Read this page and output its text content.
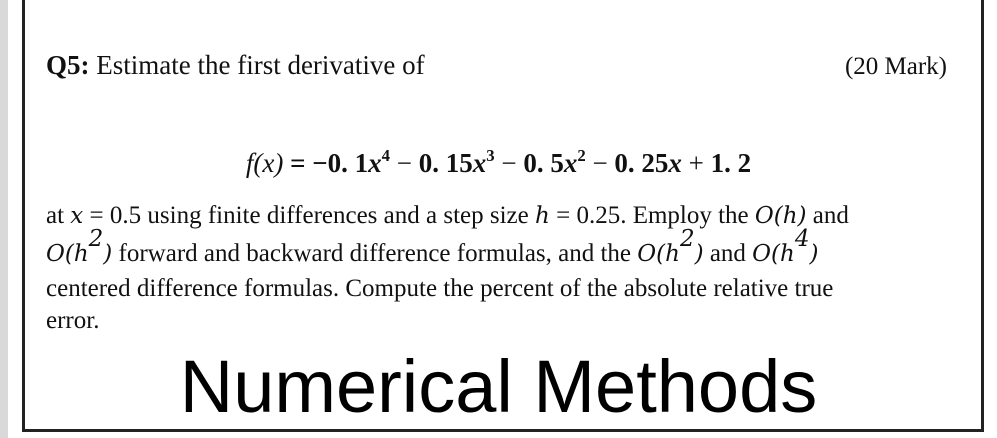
Q5: Estimate the first derivative of	(20 Mark)
f(x) = −0. $1x^4 - 0$. $15x^3 - 0$. $5x^2 - 0$. 25x + 1. 2
at x = 0.5 using finite differences and a step size h = 0.25. Employ the O(h) and
$O(h^2)$ forward and backward difference formulas, and the $O(h^2)$ and $O(h^4)$
centered difference formulas. Compute the percent of the absolute relative true
error.
Numerical Methods
